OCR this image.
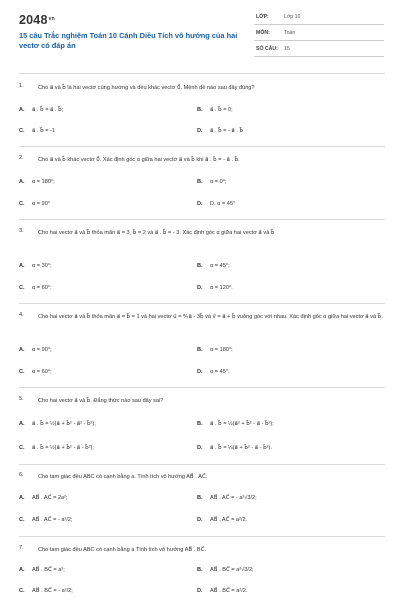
$2048^{vn}$
15 câu Trắc nghiệm Toán 10 Cánh Diều Tích vô hướng của hai vectơ có đáp án
LỚP:	Lớp 10
MÔN:	Toán
SỐ CÂU: 15
1.	Cho a⃗ và b⃗ là hai vectơ cùng hướng và đều khác vectơ 0⃗. Mệnh đề nào sau đây đúng?
A. a⃗ . b⃗ = a⃗ . b⃗;	B. a⃗ . b⃗ = 0;
C. a⃗ . b⃗ = -1	D. a⃗ . b⃗ = - a⃗ . b⃗
2.	Cho a⃗ và b⃗ khác vectơ 0⃗. Xác định góc α giữa hai vectơ a⃗ và b⃗ khi a⃗ . b⃗ = - a⃗ . b⃗.
A. α = 180°;	B. α = 0°;
C. α = 90°	D. D. α = 45°
3.	Cho hai vectơ a⃗ và b⃗ thỏa mãn a⃗ = 3, b⃗ = 2 và a⃗ . b⃗ = - 3. Xác định góc α giữa hai vectơ a⃗ và b⃗
A. α = 30°;	B. α = 45°;
C. α = 60°;	D. α = 120°.
4.	Cho hai vectơ a⃗ và b⃗ thỏa mãn a⃗ = b⃗ = 1 và hai vectơ u⃗ = ⅖a⃗ - 3b⃗ và v⃗ = a⃗ + b⃗ vuông góc với nhau. Xác định góc α giữa hai vectơ a⃗ và b⃗.
A. α = 90°;	B. α = 180°;
C. α = 60°;	D. α = 45°.
5.	Cho hai vectơ a⃗ và b⃗. Đẳng thức nào sau đây sai?
A. a⃗ . b⃗ = ½(a⃗ + b⃗² - a⃗² - b⃗²);	B. a⃗ . b⃗ = ½(a⃗² + b⃗² - a⃗ - b⃗²);
C. a⃗ . b⃗ = ½(a⃗ + b⃗² - a⃗ - b⃗²);	D. a⃗ . b⃗ = ¼(a⃗ + b⃗² - a⃗ - b⃗²).
6.	Cho tam giác đều ABC có cạnh bằng a. Tính tích vô hướng AB⃗ . AC⃗.
A. AB⃗ . AC⃗ = 2a²;	B. AB⃗ . AC⃗ = - a²√3/2;
C. AB⃗ . AC⃗ = - a²/2;	D. AB⃗ . AC⃗ = a²/2.
7.	Cho tam giác đều ABC có cạnh bằng a Tính tích vô hướng AB⃗ . BC⃗.
A. AB⃗ . BC⃗ = a²;	B. AB⃗ . BC⃗ = a²√3/2;
C. AB⃗ . BC⃗ = - a²/2;	D. AB⃗ . BC⃗ = a²/2.
